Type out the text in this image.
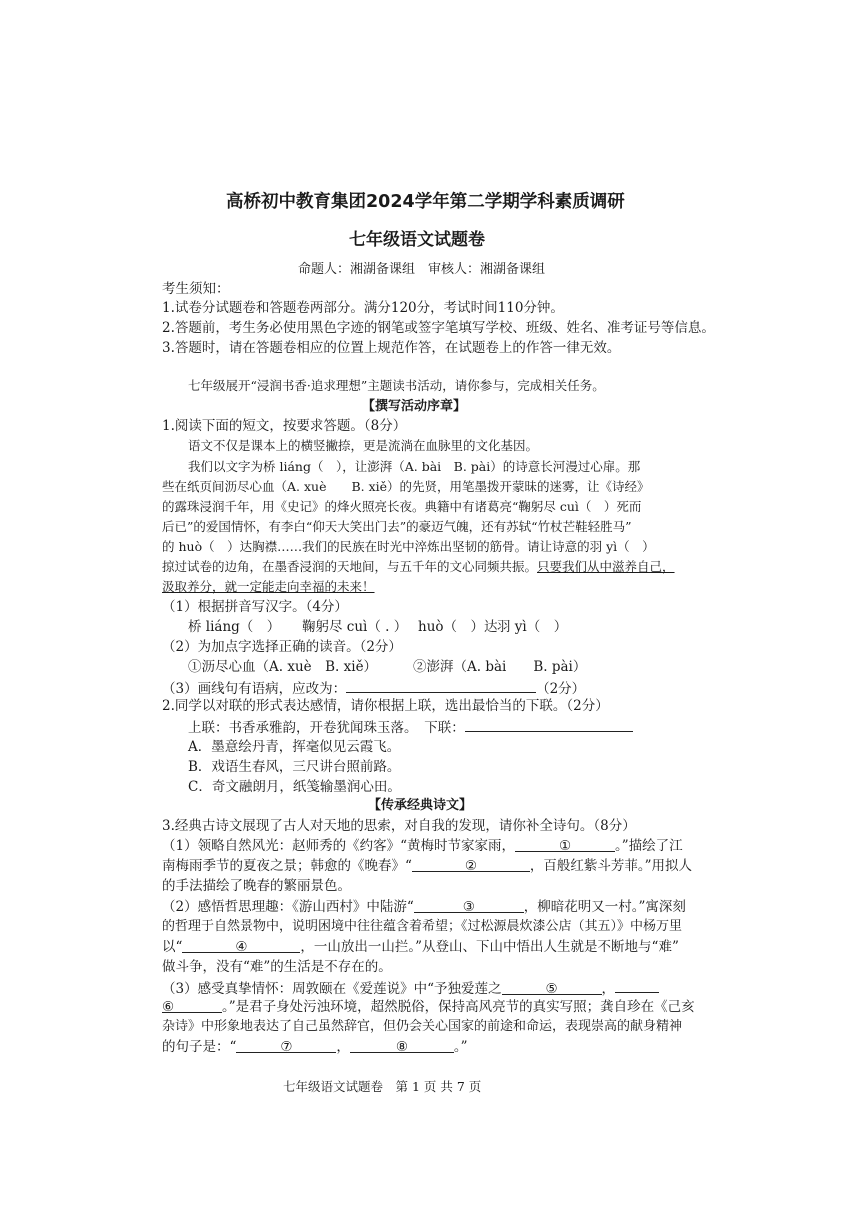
高桥初中教育集团2024学年第二学期学科素质调研
七年级语文试题卷
命题人：湘湖备课组　审核人：湘湖备课组
考生须知：
1.试卷分试题卷和答题卷两部分。满分120分，考试时间110分钟。
2.答题前，考生务必使用黑色字迹的钢笔或签字笔填写学校、班级、姓名、准考证号等信息。
3.答题时，请在答题卷相应的位置上规范作答，在试题卷上的作答一律无效。
七年级展开“浸润书香·追求理想”主题读书活动，请你参与，完成相关任务。
【撰写活动序章】
1.阅读下面的短文，按要求答题。（8分）
语文不仅是课本上的横竖撇捺，更是流淌在血脉里的文化基因。
我们以文字为桥 liáng（　），让澎湃（A. bài　B. pài）的诗意长河漫过心扉。那
些在纸页间沥尽心血（A. xuè　　B. xiě）的先贤，用笔墨拨开蒙昧的迷雾，让《诗经》
的露珠浸润千年，用《史记》的烽火照亮长夜。典籍中有诸葛亮“鞠躬尽 cuì（　）死而
后已”的爱国情怀，有李白“仰天大笑出门去”的豪迈气魄，还有苏轼“竹杖芒鞋轻胜马”
的 huò（　）达胸襟……我们的民族在时光中淬炼出坚韧的筋骨。请让诗意的羽 yì（　）
掠过试卷的边角，在墨香浸润的天地间，与五千年的文心同频共振。只要我们从中滋养自己，
汲取养分，就一定能走向幸福的未来！
（1）根据拼音写汉字。（4分）
桥 liáng（　） 鞠躬尽 cuì（ . ） huò（　）达 羽 yì（　）
（2）为加点字选择正确的读音。（2分）
①沥尽心血（A. xuè　B. xiě）	②澎湃（A. bài　　B. pài）
（3）画线句有语病，应改为：	（2分）
2.同学以对联的形式表达感情，请你根据上联，选出最恰当的下联。（2分）
上联：书香承雅韵，开卷犹闻珠玉落。　下联：
A．墨意绘丹青，挥毫似见云霞飞。
B．戏语生春风，三尺讲台照前路。
C．奇文融朗月，纸笺输墨润心田。
【传承经典诗文】
3.经典古诗文展现了古人对天地的思索，对自我的发现，请你补全诗句。（8分）
（1）领略自然风光：赵师秀的《约客》“黄梅时节家家雨，	①	。”描绘了江
南梅雨季节的夏夜之景；韩愈的《晚春》“	②	，百般红紫斗芳菲。”用拟人
的手法描绘了晚春的繁丽景色。
（2）感悟哲思理趣：《游山西村》中陆游“	③	，柳暗花明又一村。”寓深刻
的哲理于自然景物中，说明困境中往往蕴含着希望；《过松源晨炊漆公店（其五）》中杨万里
以“	④	，一山放出一山拦。”从登山、下山中悟出人生就是不断地与“难”
做斗争，没有“难”的生活是不存在的。
（3）感受真挚情怀：周敦颐在《爱莲说》中“予独爱莲之	⑤	，
⑥	。”是君子身处污浊环境，超然脱俗，保持高风亮节的真实写照；龚自珍在《己亥
杂诗》中形象地表达了自己虽然辞官，但仍会关心国家的前途和命运，表现崇高的献身精神
的句子是：“	⑦	，	⑧	。”
七年级语文试题卷　第 1 页 共 7 页
